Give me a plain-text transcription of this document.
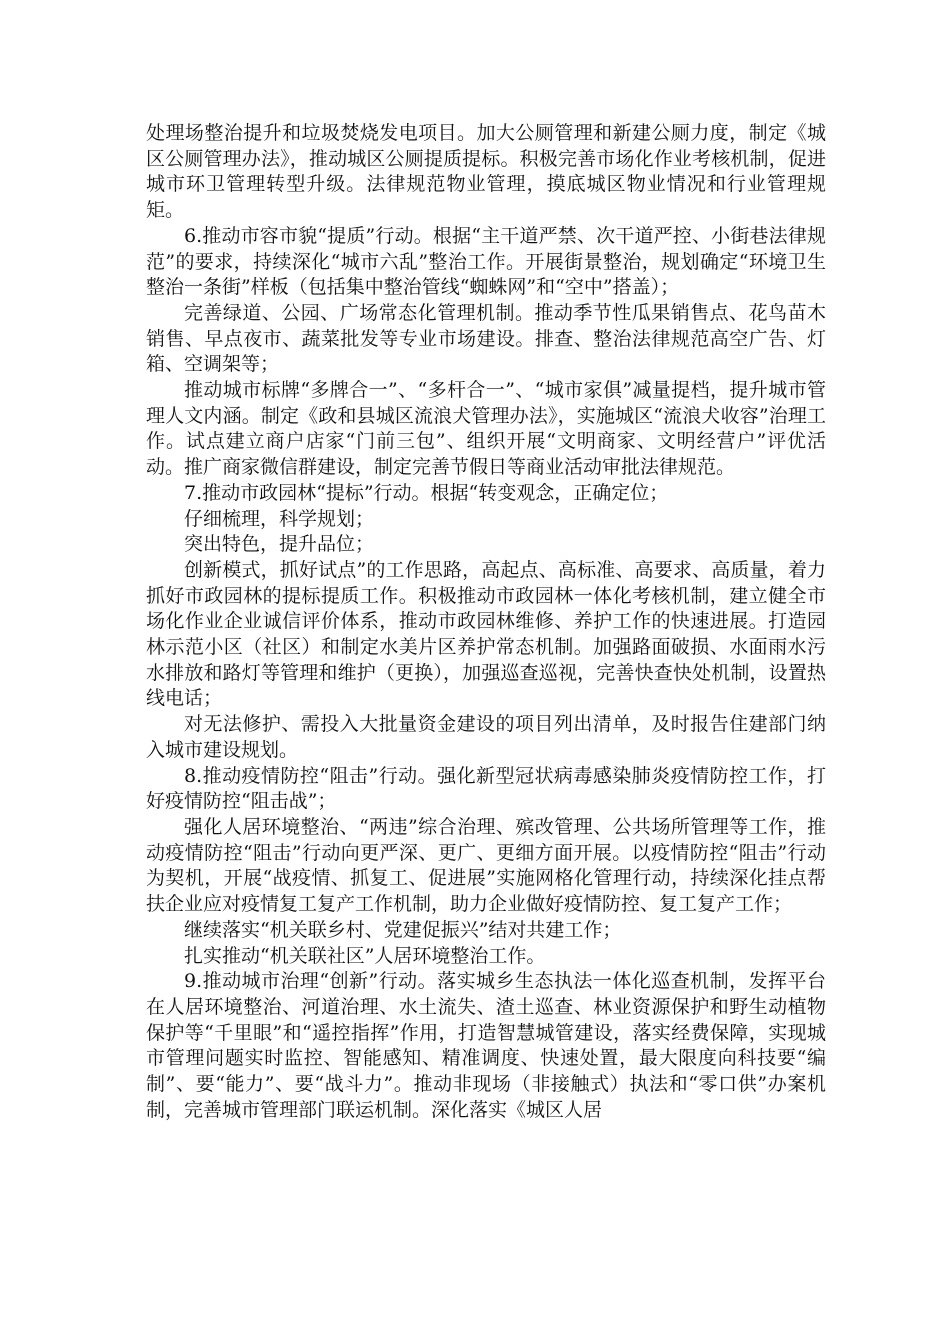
处理场整治提升和垃圾焚烧发电项目。加大公厕管理和新建公厕力度，制定《城区公厕管理办法》，推动城区公厕提质提标。积极完善市场化作业考核机制，促进城市环卫管理转型升级。法律规范物业管理，摸底城区物业情况和行业管理规矩。

6.推动市容市貌“提质”行动。根据“主干道严禁、次干道严控、小街巷法律规范”的要求，持续深化“城市六乱”整治工作。开展街景整治，规划确定“环境卫生整治一条街”样板（包括集中整治管线“蜘蛛网”和“空中”搭盖）；

完善绿道、公园、广场常态化管理机制。推动季节性瓜果销售点、花鸟苗木销售、早点夜市、蔬菜批发等专业市场建设。排查、整治法律规范高空广告、灯箱、空调架等；

推动城市标牌“多牌合一”、“多杆合一”、“城市家俱”减量提档，提升城市管理人文内涵。制定《政和县城区流浪犬管理办法》，实施城区“流浪犬收容”治理工作。试点建立商户店家“门前三包”、组织开展“文明商家、文明经营户”评优活动。推广商家微信群建设，制定完善节假日等商业活动审批法律规范。

7.推动市政园林“提标”行动。根据“转变观念，正确定位；

仔细梳理，科学规划；

突出特色，提升品位；

创新模式，抓好试点”的工作思路，高起点、高标准、高要求、高质量，着力抓好市政园林的提标提质工作。积极推动市政园林一体化考核机制，建立健全市场化作业企业诚信评价体系，推动市政园林维修、养护工作的快速进展。打造园林示范小区（社区）和制定水美片区养护常态机制。加强路面破损、水面雨水污水排放和路灯等管理和维护（更换），加强巡查巡视，完善快查快处机制，设置热线电话；

对无法修护、需投入大批量资金建设的项目列出清单，及时报告住建部门纳入城市建设规划。

8.推动疫情防控“阻击”行动。强化新型冠状病毒感染肺炎疫情防控工作，打好疫情防控“阻击战”；

强化人居环境整治、“两违”综合治理、殡改管理、公共场所管理等工作，推动疫情防控“阻击”行动向更严深、更广、更细方面开展。以疫情防控“阻击”行动为契机，开展“战疫情、抓复工、促进展”实施网格化管理行动，持续深化挂点帮扶企业应对疫情复工复产工作机制，助力企业做好疫情防控、复工复产工作；

继续落实“机关联乡村、党建促振兴”结对共建工作；

扎实推动“机关联社区”人居环境整治工作。

9.推动城市治理“创新”行动。落实城乡生态执法一体化巡查机制，发挥平台在人居环境整治、河道治理、水土流失、渣土巡查、林业资源保护和野生动植物保护等“千里眼”和“遥控指挥”作用，打造智慧城管建设，落实经费保障，实现城市管理问题实时监控、智能感知、精准调度、快速处置，最大限度向科技要“编制”、要“能力”、要“战斗力”。推动非现场（非接触式）执法和“零口供”办案机制，完善城市管理部门联运机制。深化落实《城区人居
